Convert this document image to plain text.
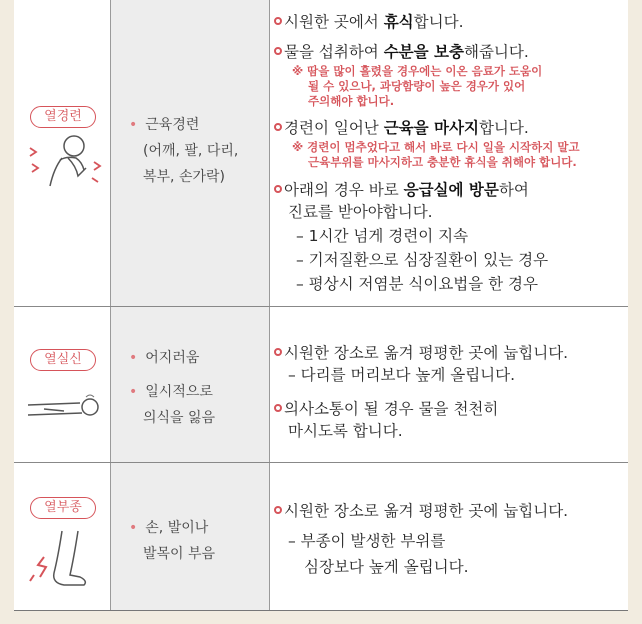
열경련
• 근육경련
(어깨, 팔, 다리,
복부, 손가락)
시원한 곳에서 휴식합니다.
물을 섭취하여 수분을 보충해줍니다.
※ 땀을 많이 흘렸을 경우에는 이온 음료가 도움이
될 수 있으나, 과당함량이 높은 경우가 있어
주의해야 합니다.
경련이 일어난 근육을 마사지합니다.
※ 경련이 멈추었다고 해서 바로 다시 일을 시작하지 말고
근육부위를 마사지하고 충분한 휴식을 취해야 합니다.
아래의 경우 바로 응급실에 방문하여
진료를 받아야합니다.
– 1시간 넘게 경련이 지속
– 기저질환으로 심장질환이 있는 경우
– 평상시 저염분 식이요법을 한 경우
열실신	• 어지러움
• 일시적으로
의식을 잃음
시원한 장소로 옮겨 평평한 곳에 눕힙니다.
– 다리를 머리보다 높게 올립니다.
의사소통이 될 경우 물을 천천히
마시도록 합니다.
열부종
• 손, 발이나
발목이 부음
시원한 장소로 옮겨 평평한 곳에 눕힙니다.
– 부종이 발생한 부위를
심장보다 높게 올립니다.
